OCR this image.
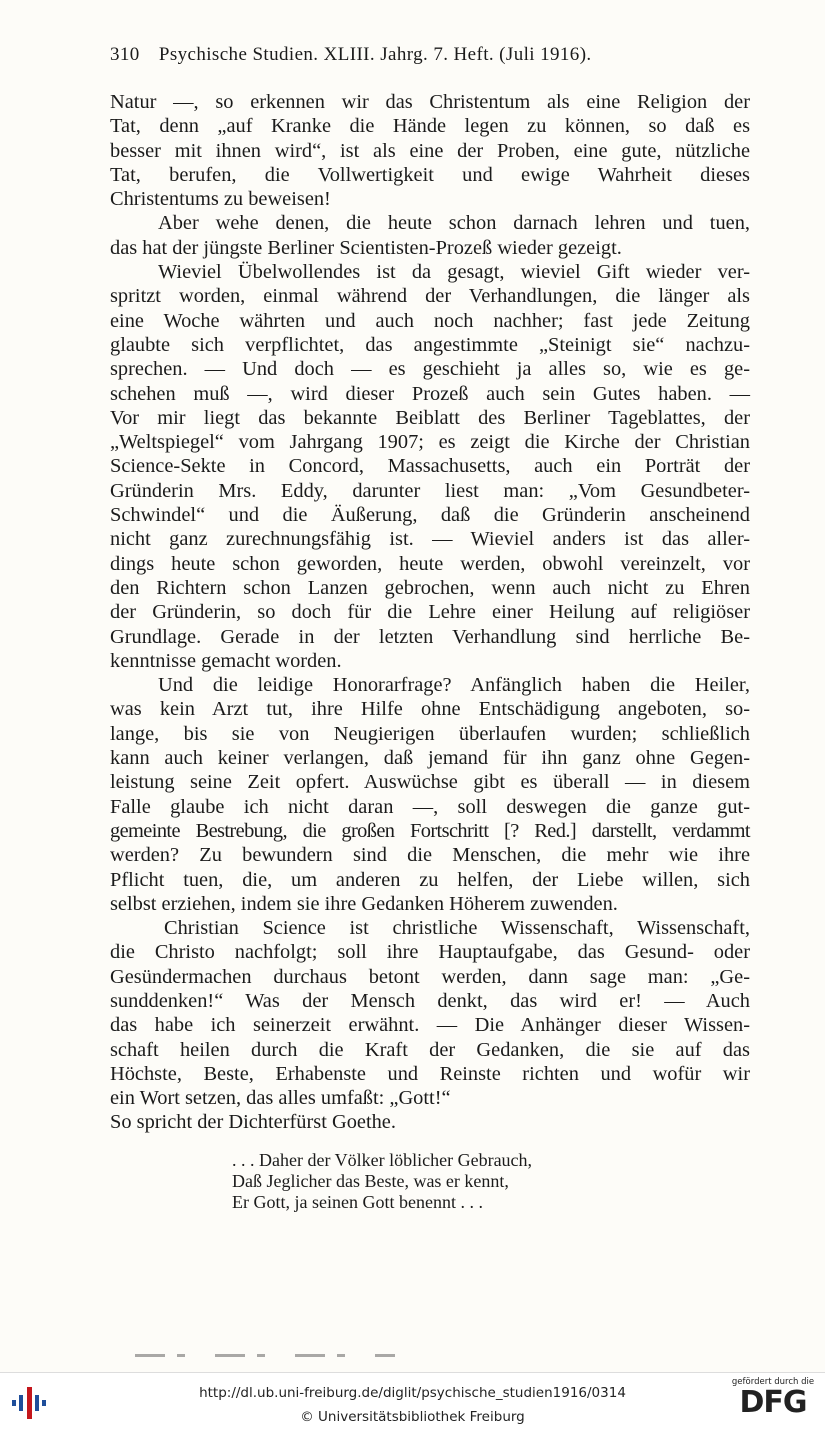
310 Psychische Studien. XLIII. Jahrg. 7. Heft. (Juli 1916).
Natur —, so erkennen wir das Christentum als eine Religion der
Tat, denn „auf Kranke die Hände legen zu können, so daß es
besser mit ihnen wird“, ist als eine der Proben, eine gute, nützliche
Tat, berufen, die Vollwertigkeit und ewige Wahrheit dieses
Christentums zu beweisen!
Aber wehe denen, die heute schon darnach lehren und tuen,
das hat der jüngste Berliner Scientisten-Prozeß wieder gezeigt.
Wieviel Übelwollendes ist da gesagt, wieviel Gift wieder ver-
spritzt worden, einmal während der Verhandlungen, die länger als
eine Woche währten und auch noch nachher; fast jede Zeitung
glaubte sich verpflichtet, das angestimmte „Steinigt sie“ nachzu-
sprechen. — Und doch — es geschieht ja alles so, wie es ge-
schehen muß —, wird dieser Prozeß auch sein Gutes haben. —
Vor mir liegt das bekannte Beiblatt des Berliner Tageblattes, der
„Weltspiegel“ vom Jahrgang 1907; es zeigt die Kirche der Christian
Science-Sekte in Concord, Massachusetts, auch ein Porträt der
Gründerin Mrs. Eddy, darunter liest man: „Vom Gesundbeter-
Schwindel“ und die Äußerung, daß die Gründerin anscheinend
nicht ganz zurechnungsfähig ist. — Wieviel anders ist das aller-
dings heute schon geworden, heute werden, obwohl vereinzelt, vor
den Richtern schon Lanzen gebrochen, wenn auch nicht zu Ehren
der Gründerin, so doch für die Lehre einer Heilung auf religiöser
Grundlage. Gerade in der letzten Verhandlung sind herrliche Be-
kenntnisse gemacht worden.
Und die leidige Honorarfrage? Anfänglich haben die Heiler,
was kein Arzt tut, ihre Hilfe ohne Entschädigung angeboten, so-
lange, bis sie von Neugierigen überlaufen wurden; schließlich
kann auch keiner verlangen, daß jemand für ihn ganz ohne Gegen-
leistung seine Zeit opfert. Auswüchse gibt es überall — in diesem
Falle glaube ich nicht daran —, soll deswegen die ganze gut-
gemeinte Bestrebung, die großen Fortschritt [? Red.] darstellt, verdammt
werden? Zu bewundern sind die Menschen, die mehr wie ihre
Pflicht tuen, die, um anderen zu helfen, der Liebe willen, sich
selbst erziehen, indem sie ihre Gedanken Höherem zuwenden.
Christian Science ist christliche Wissenschaft, Wissenschaft,
die Christo nachfolgt; soll ihre Hauptaufgabe, das Gesund- oder
Gesündermachen durchaus betont werden, dann sage man: „Ge-
sunddenken!“ Was der Mensch denkt, das wird er! — Auch
das habe ich seinerzeit erwähnt. — Die Anhänger dieser Wissen-
schaft heilen durch die Kraft der Gedanken, die sie auf das
Höchste, Beste, Erhabenste und Reinste richten und wofür wir
ein Wort setzen, das alles umfaßt: „Gott!“
So spricht der Dichterfürst Goethe.
. . . Daher der Völker löblicher Gebrauch,
Daß Jeglicher das Beste, was er kennt,
Er Gott, ja seinen Gott benennt . . .
http://dl.ub.uni-freiburg.de/diglit/psychische_studien1916/0314
© Universitätsbibliothek Freiburg
gefördert durch die
DFG
